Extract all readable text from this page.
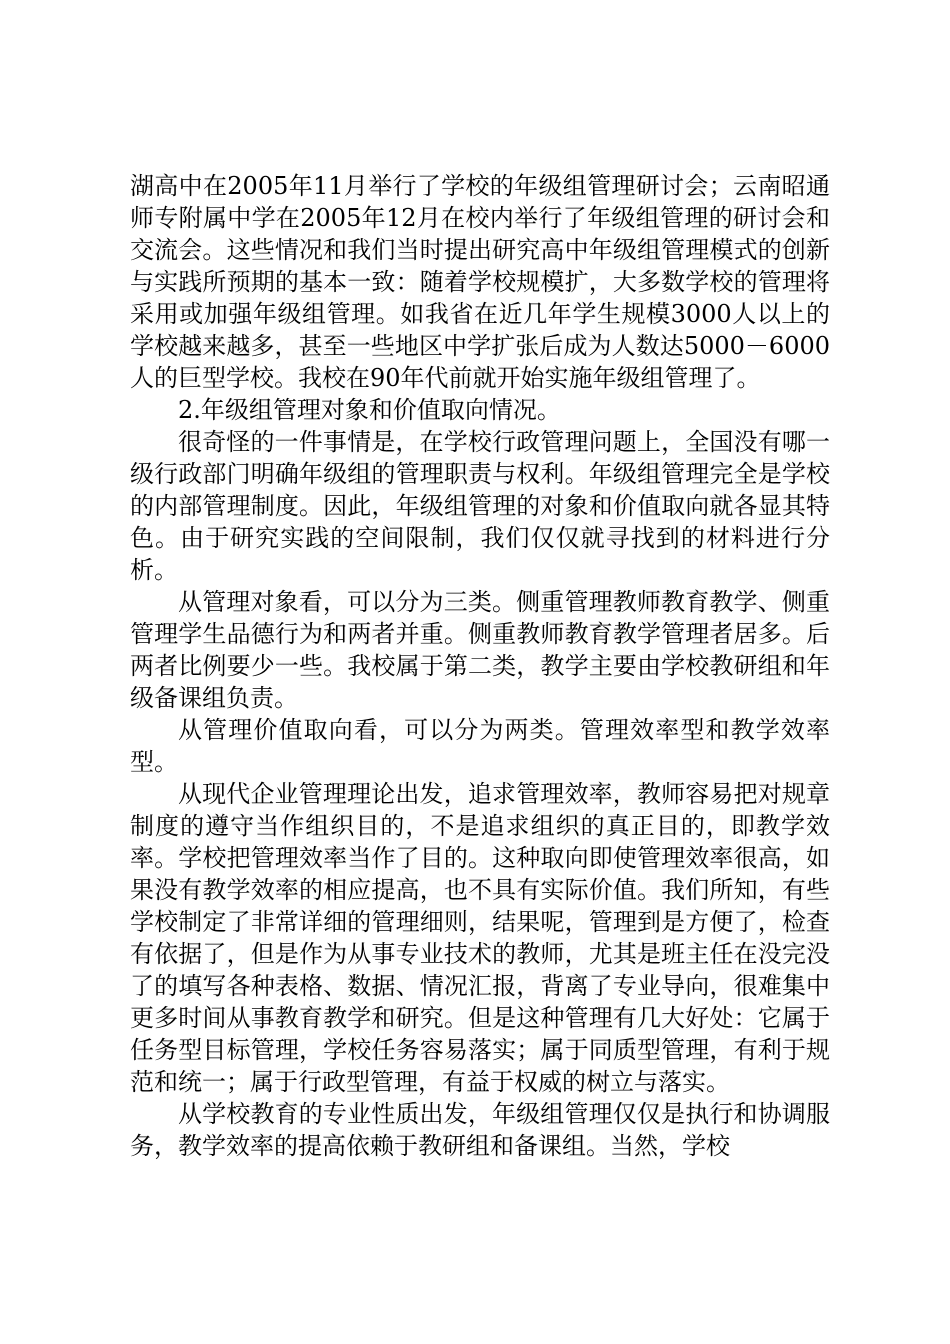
湖高中在2005年11月举行了学校的年级组管理研讨会；云南昭通师专附属中学在2005年12月在校内举行了年级组管理的研讨会和交流会。这些情况和我们当时提出研究高中年级组管理模式的创新与实践所预期的基本一致：随着学校规模扩，大多数学校的管理将采用或加强年级组管理。如我省在近几年学生规模3000人以上的学校越来越多，甚至一些地区中学扩张后成为人数达5000－6000人的巨型学校。我校在90年代前就开始实施年级组管理了。

2.年级组管理对象和价值取向情况。

很奇怪的一件事情是，在学校行政管理问题上，全国没有哪一级行政部门明确年级组的管理职责与权利。年级组管理完全是学校的内部管理制度。因此，年级组管理的对象和价值取向就各显其特色。由于研究实践的空间限制，我们仅仅就寻找到的材料进行分析。

从管理对象看，可以分为三类。侧重管理教师教育教学、侧重管理学生品德行为和两者并重。侧重教师教育教学管理者居多。后两者比例要少一些。我校属于第二类，教学主要由学校教研组和年级备课组负责。

从管理价值取向看，可以分为两类。管理效率型和教学效率型。

从现代企业管理理论出发，追求管理效率，教师容易把对规章制度的遵守当作组织目的，不是追求组织的真正目的，即教学效率。学校把管理效率当作了目的。这种取向即使管理效率很高，如果没有教学效率的相应提高，也不具有实际价值。我们所知，有些学校制定了非常详细的管理细则，结果呢，管理到是方便了，检查有依据了，但是作为从事专业技术的教师，尤其是班主任在没完没了的填写各种表格、数据、情况汇报，背离了专业导向，很难集中更多时间从事教育教学和研究。但是这种管理有几大好处：它属于任务型目标管理，学校任务容易落实；属于同质型管理，有利于规范和统一；属于行政型管理，有益于权威的树立与落实。

从学校教育的专业性质出发，年级组管理仅仅是执行和协调服务，教学效率的提高依赖于教研组和备课组。当然，学校
